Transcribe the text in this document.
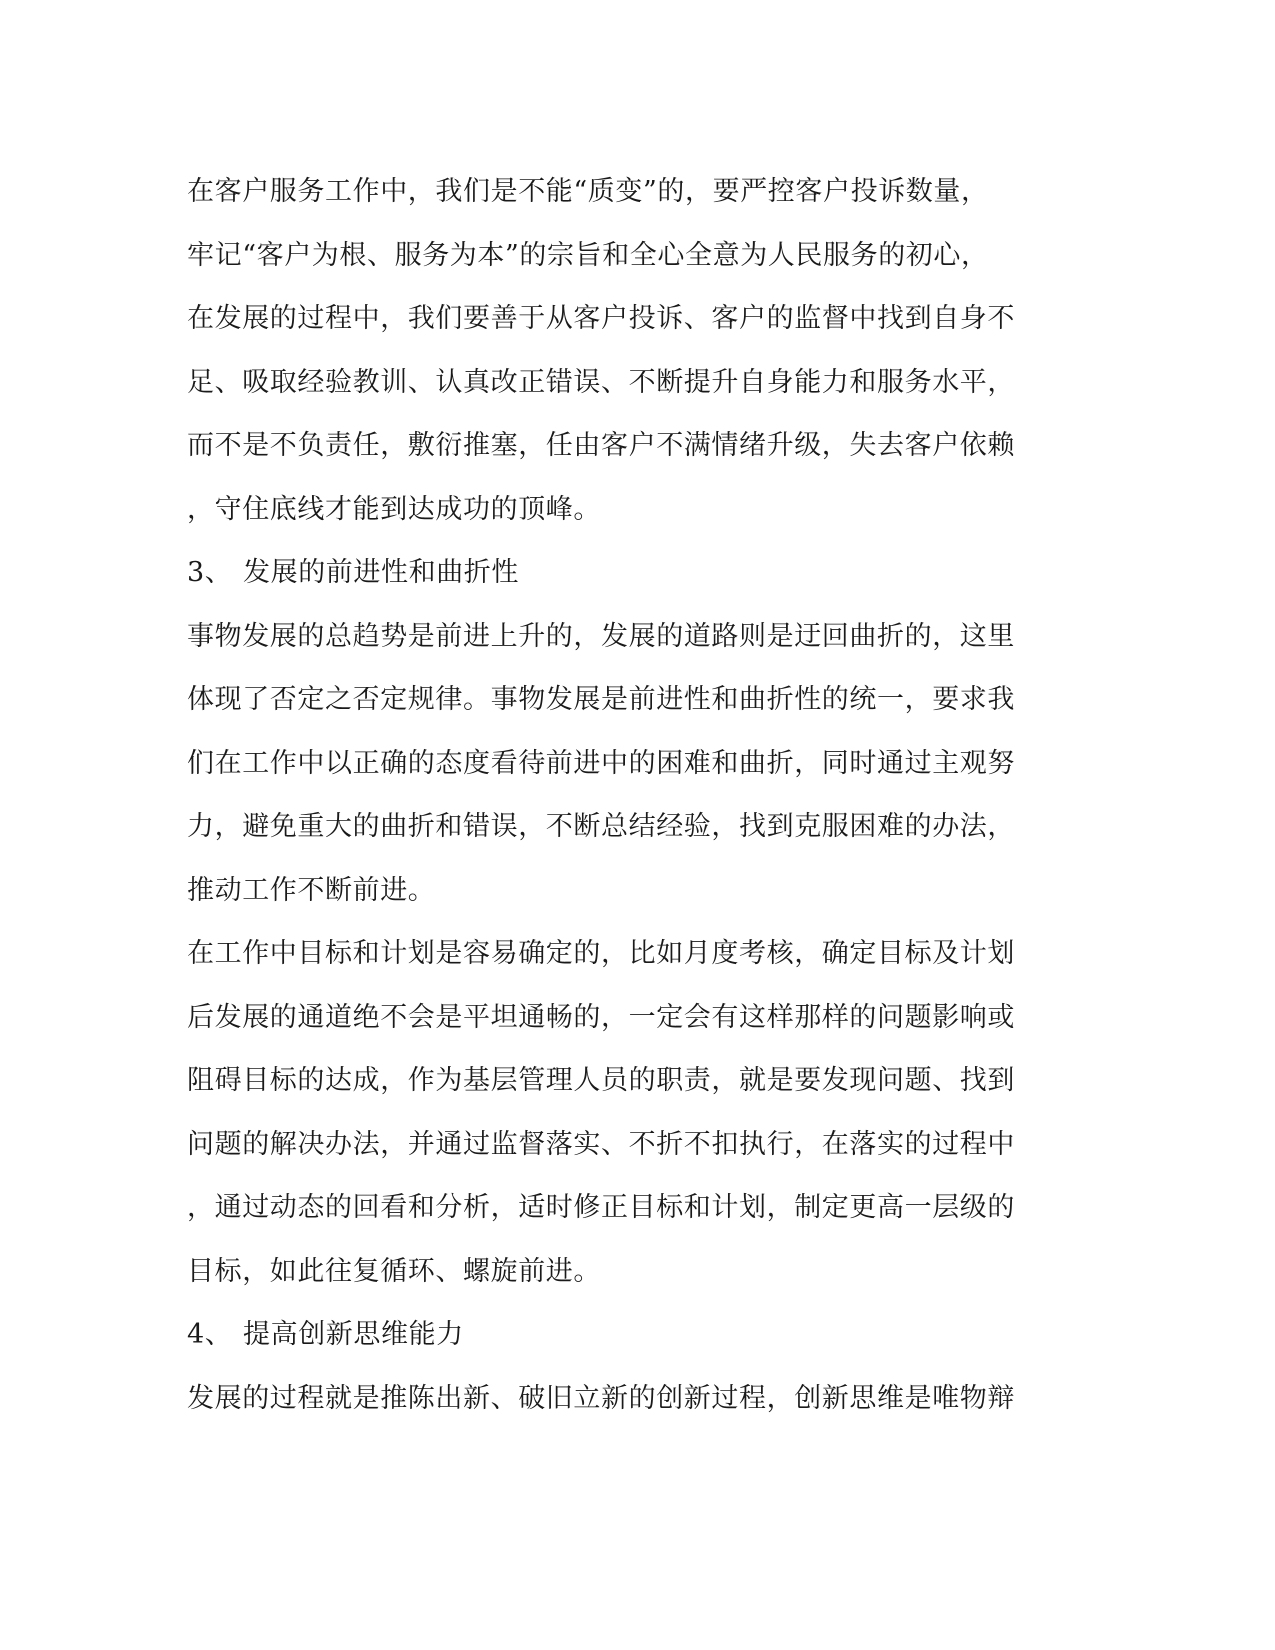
在客户服务工作中，我们是不能“质变”的，要严控客户投诉数量，
牢记“客户为根、服务为本”的宗旨和全心全意为人民服务的初心，
在发展的过程中，我们要善于从客户投诉、客户的监督中找到自身不
足、吸取经验教训、认真改正错误、不断提升自身能力和服务水平，
而不是不负责任，敷衍推塞，任由客户不满情绪升级，失去客户依赖
，守住底线才能到达成功的顶峰。
3、 发展的前进性和曲折性
事物发展的总趋势是前进上升的，发展的道路则是迂回曲折的，这里
体现了否定之否定规律。事物发展是前进性和曲折性的统一，要求我
们在工作中以正确的态度看待前进中的困难和曲折，同时通过主观努
力，避免重大的曲折和错误，不断总结经验，找到克服困难的办法，
推动工作不断前进。
在工作中目标和计划是容易确定的，比如月度考核，确定目标及计划
后发展的通道绝不会是平坦通畅的，一定会有这样那样的问题影响或
阻碍目标的达成，作为基层管理人员的职责，就是要发现问题、找到
问题的解决办法，并通过监督落实、不折不扣执行，在落实的过程中
，通过动态的回看和分析，适时修正目标和计划，制定更高一层级的
目标，如此往复循环、螺旋前进。
4、 提高创新思维能力
发展的过程就是推陈出新、破旧立新的创新过程，创新思维是唯物辩
